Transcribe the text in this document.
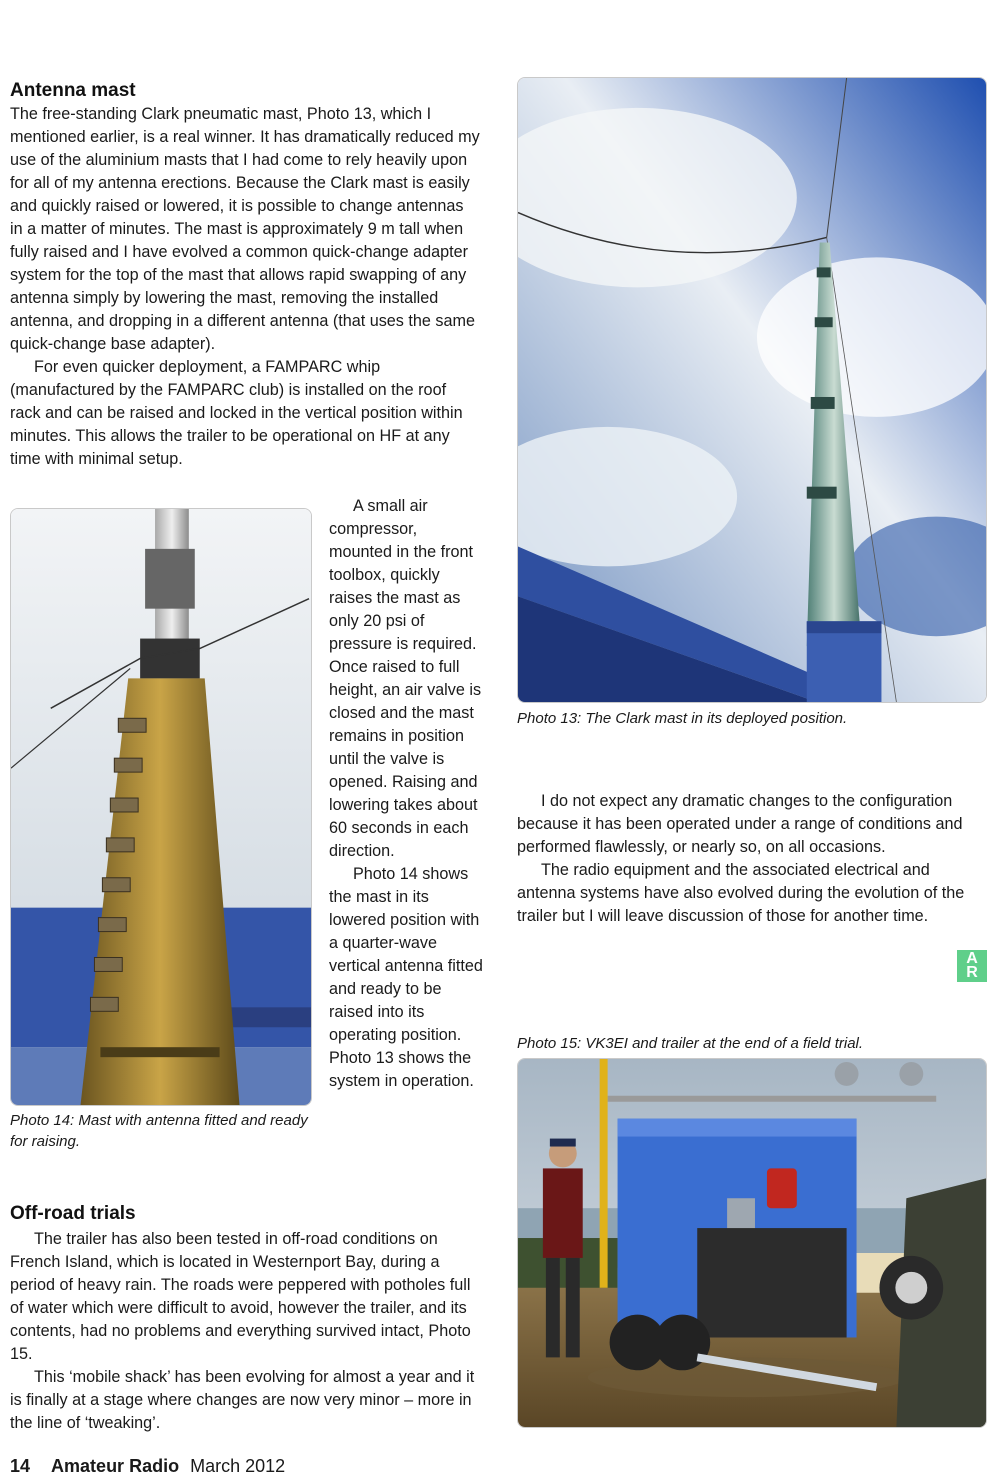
Antenna mast

The free-standing Clark pneumatic mast, Photo 13, which I mentioned earlier, is a real winner. It has dramatically reduced my use of the aluminium masts that I had come to rely heavily upon for all of my antenna erections. Because the Clark mast is easily and quickly raised or lowered, it is possible to change antennas in a matter of minutes. The mast is approximately 9 m tall when fully raised and I have evolved a common quick-change adapter system for the top of the mast that allows rapid swapping of any antenna simply by lowering the mast, removing the installed antenna, and dropping in a different antenna (that uses the same quick-change base adapter).

For even quicker deployment, a FAMPARC whip (manufactured by the FAMPARC club) is installed on the roof rack and can be raised and locked in the vertical position within minutes. This allows the trailer to be operational on HF at any time with minimal setup.

Photo 14: Mast with antenna fitted and ready for raising.

A small air compressor, mounted in the front toolbox, quickly raises the mast as only 20 psi of pressure is required. Once raised to full height, an air valve is closed and the mast remains in position until the valve is opened. Raising and lowering takes about 60 seconds in each direction.

Photo 14 shows the mast in its lowered position with a quarter-wave vertical antenna fitted and ready to be raised into its operating position. Photo 13 shows the system in operation.

Off-road trials

The trailer has also been tested in off-road conditions on French Island, which is located in Westernport Bay, during a period of heavy rain. The roads were peppered with potholes full of water which were difficult to avoid, however the trailer, and its contents, had no problems and everything survived intact, Photo 15.

This ‘mobile shack’ has been evolving for almost a year and it is finally at a stage where changes are now very minor – more in the line of ‘tweaking’.

Photo 13: The Clark mast in its deployed position.

I do not expect any dramatic changes to the configuration because it has been operated under a range of conditions and performed flawlessly, or nearly so, on all occasions.

The radio equipment and the associated electrical and antenna systems have also evolved during the evolution of the trailer but I will leave discussion of those for another time.

A
R

Photo 15: VK3EI and trailer at the end of a field trial.

14 Amateur Radio March 2012
